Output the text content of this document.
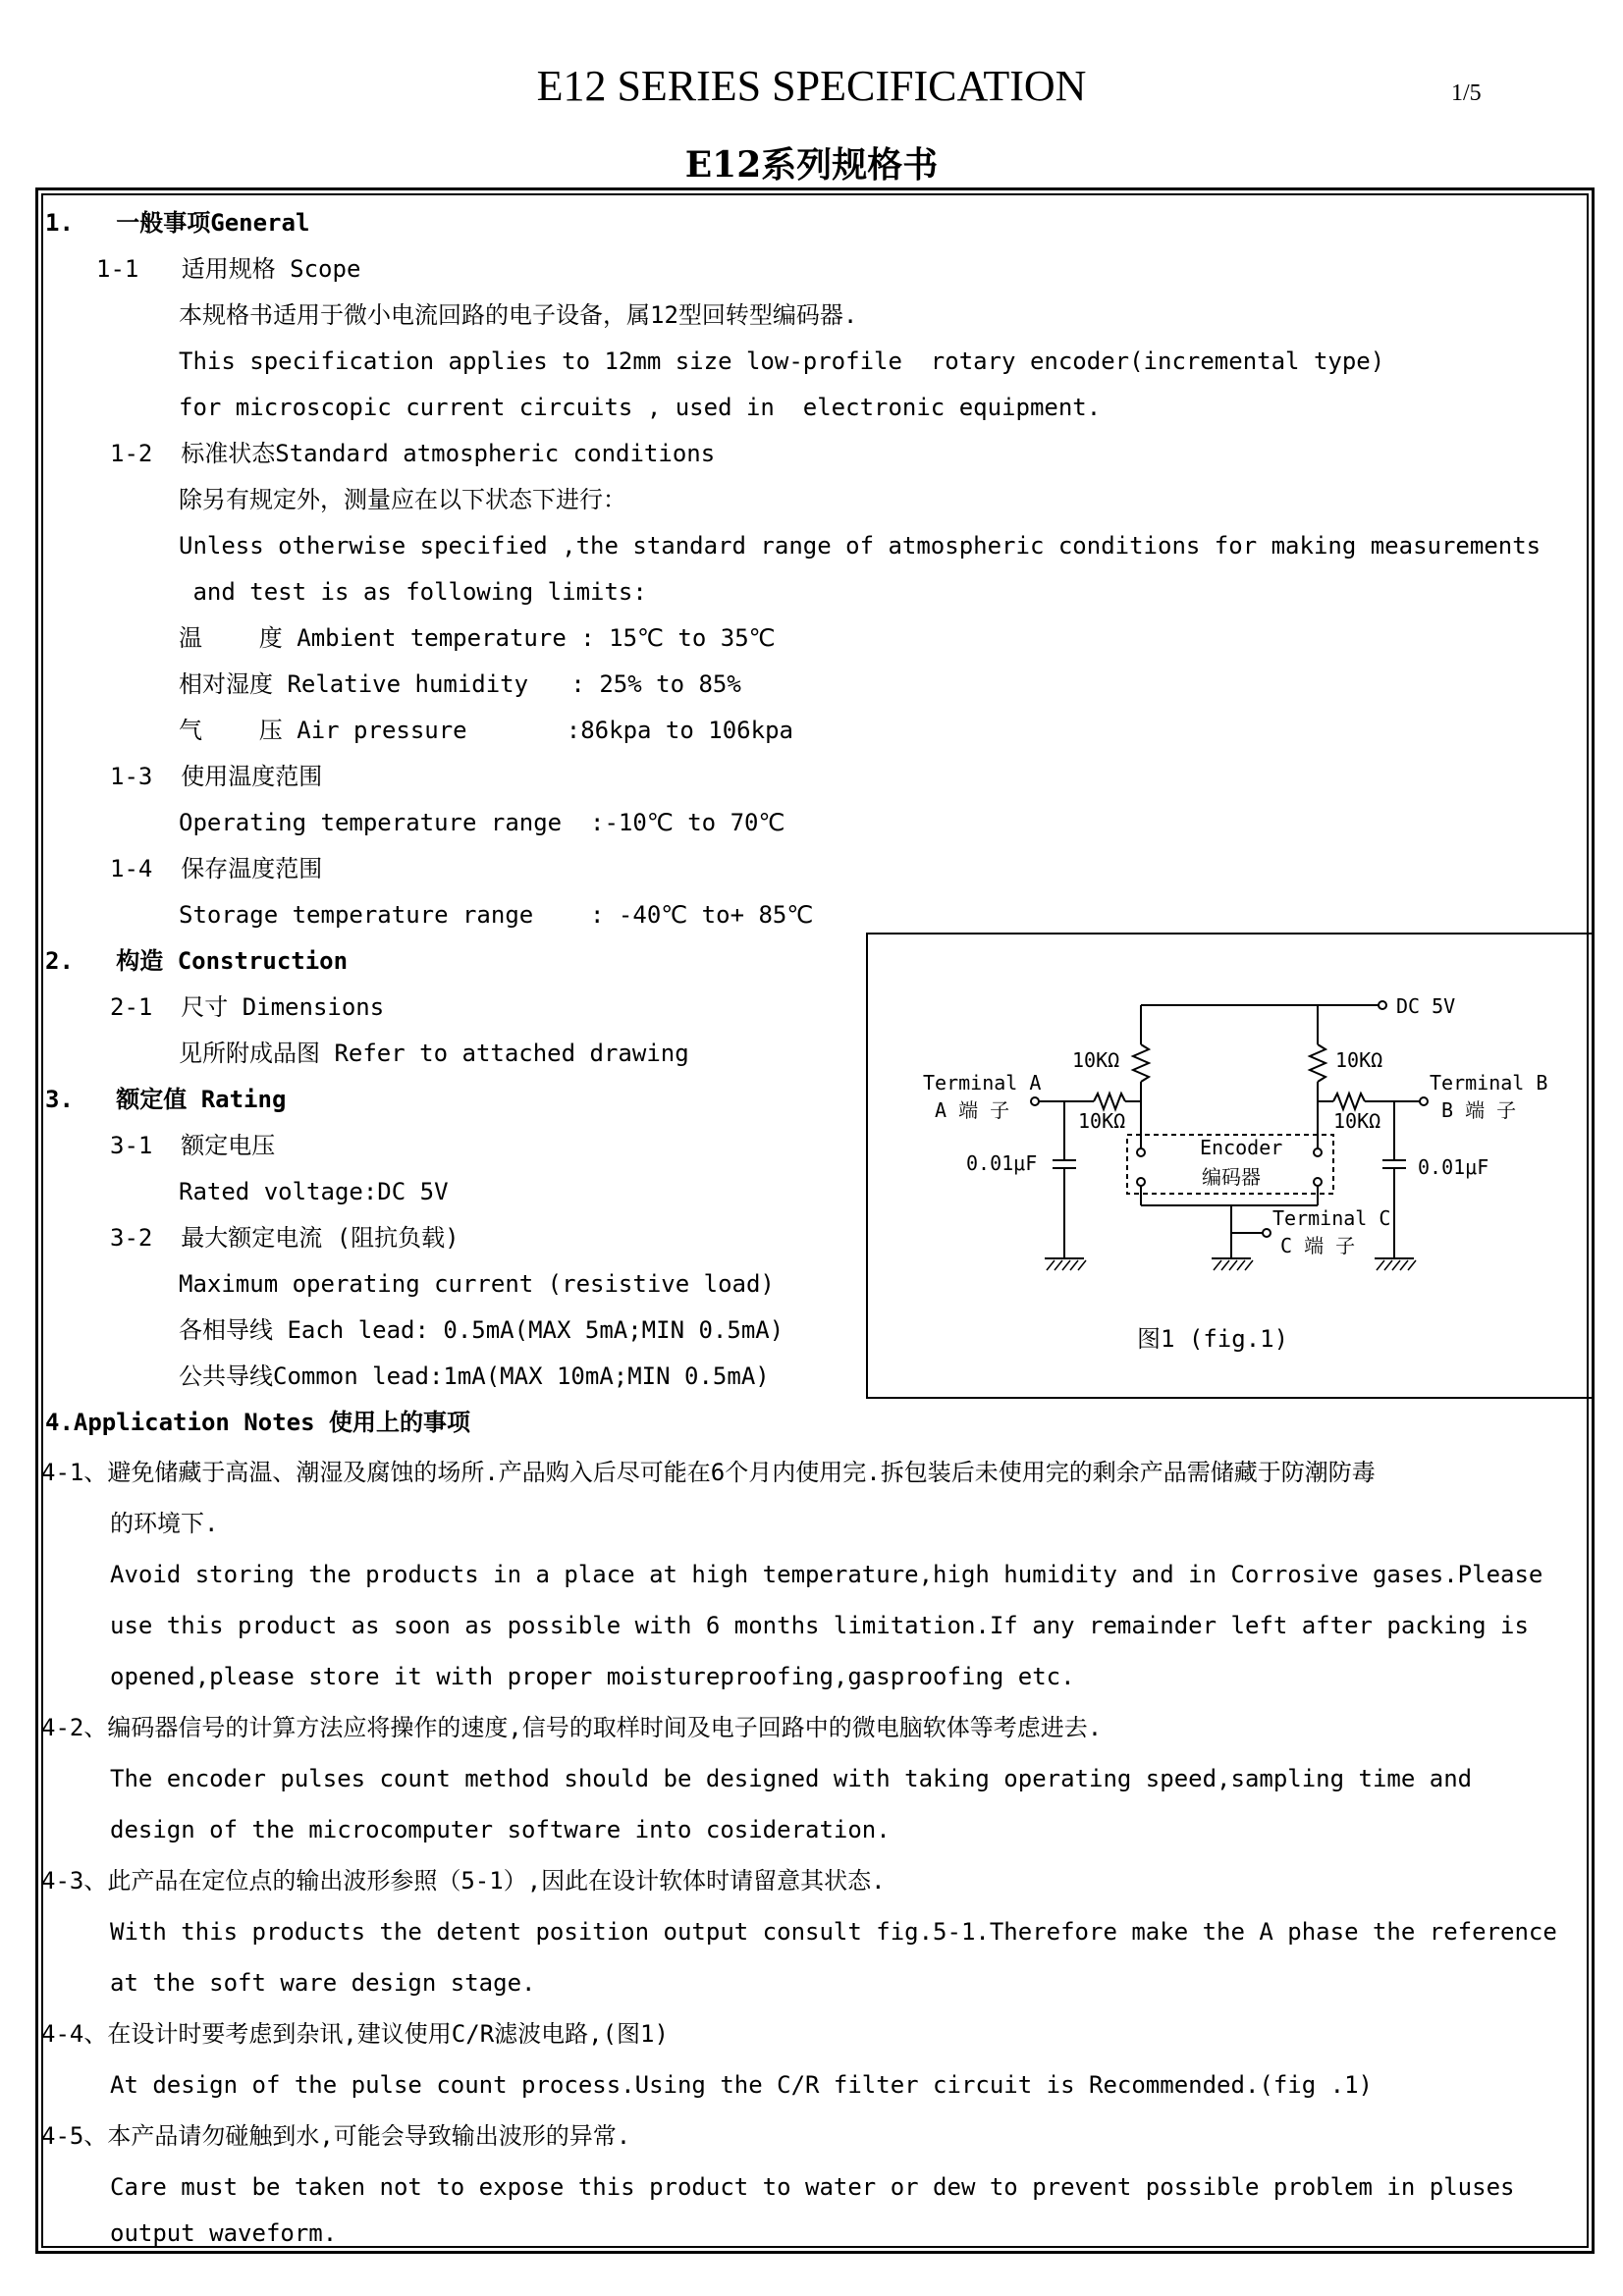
E12 SERIES SPECIFICATION	1/5
E12系列规格书
1.   一般事项General
1-1   适用规格 Scope
本规格书适用于微小电流回路的电子设备，属12型回转型编码器.
This specification applies to 12mm size low-profile  rotary encoder(incremental type)
for microscopic current circuits , used in  electronic equipment.
1-2  标准状态Standard atmospheric conditions
除另有规定外，测量应在以下状态下进行：
Unless otherwise specified ,the standard range of atmospheric conditions for making measurements
and test is as following limits:
温    度 Ambient temperature : 15℃ to 35℃
相对湿度 Relative humidity   : 25% to 85%
气    压 Air pressure       :86kpa to 106kpa
1-3  使用温度范围
Operating temperature range  :-10℃ to 70℃
1-4  保存温度范围
Storage temperature range    : -40℃ to+ 85℃
2.   构造 Construction
2-1  尺寸 Dimensions
见所附成品图 Refer to attached drawing
3.   额定值 Rating
3-1  额定电压
Rated voltage:DC 5V
3-2  最大额定电流 (阻抗负载)
Maximum operating current (resistive load)
各相导线 Each lead: 0.5mA(MAX 5mA;MIN 0.5mA)
公共导线Common lead:1mA(MAX 10mA;MIN 0.5mA)
DC 5V
10KΩ	10KΩ
10KΩ	10KΩ
Terminal A
A 端 子
Terminal B
B 端 子
Terminal C
C 端 子
0.01μF	0.01μF
Encoder
编码器
图1 (fig.1)
4.Application Notes 使用上的事项
4-1、避免储藏于高温、潮湿及腐蚀的场所.产品购入后尽可能在6个月内使用完.拆包装后未使用完的剩余产品需储藏于防潮防毒
的环境下.
Avoid storing the products in a place at high temperature,high humidity and in Corrosive gases.Please
use this product as soon as possible with 6 months limitation.If any remainder left after packing is
opened,please store it with proper moistureproofing,gasproofing etc.
4-2、编码器信号的计算方法应将操作的速度,信号的取样时间及电子回路中的微电脑软体等考虑进去.
The encoder pulses count method should be designed with taking operating speed,sampling time and
design of the microcomputer software into cosideration.
4-3、此产品在定位点的输出波形参照（5-1）,因此在设计软体时请留意其状态.
With this products the detent position output consult fig.5-1.Therefore make the A phase the reference
at the soft ware design stage.
4-4、在设计时要考虑到杂讯,建议使用C/R滤波电路,(图1)
At design of the pulse count process.Using the C/R filter circuit is Recommended.(fig .1)
4-5、本产品请勿碰触到水,可能会导致输出波形的异常.
Care must be taken not to expose this product to water or dew to prevent possible problem in pluses
output waveform.
